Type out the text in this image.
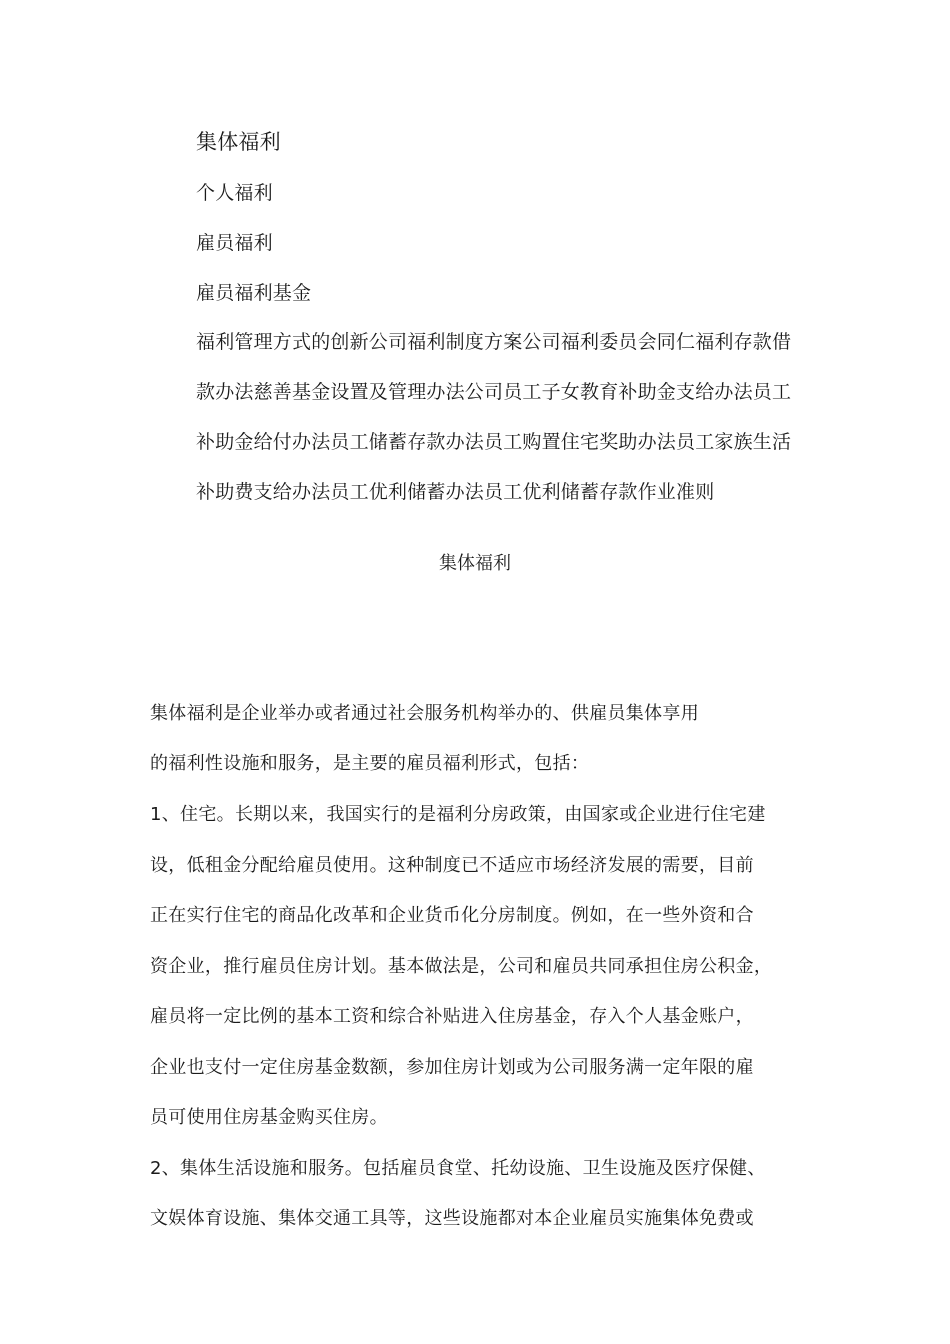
集体福利

个人福利

雇员福利

雇员福利基金

福利管理方式的创新公司福利制度方案公司福利委员会同仁福利存款借

款办法慈善基金设置及管理办法公司员工子女教育补助金支给办法员工

补助金给付办法员工储蓄存款办法员工购置住宅奖助办法员工家族生活

补助费支给办法员工优利储蓄办法员工优利储蓄存款作业准则

集体福利

集体福利是企业举办或者通过社会服务机构举办的、供雇员集体享用

的福利性设施和服务，是主要的雇员福利形式，包括：

1、住宅。长期以来，我国实行的是福利分房政策，由国家或企业进行住宅建

设，低租金分配给雇员使用。这种制度已不适应市场经济发展的需要，目前

正在实行住宅的商品化改革和企业货币化分房制度。例如，在一些外资和合

资企业，推行雇员住房计划。基本做法是，公司和雇员共同承担住房公积金，

雇员将一定比例的基本工资和综合补贴进入住房基金，存入个人基金账户，

企业也支付一定住房基金数额，参加住房计划或为公司服务满一定年限的雇

员可使用住房基金购买住房。

2、集体生活设施和服务。包括雇员食堂、托幼设施、卫生设施及医疗保健、

文娱体育设施、集体交通工具等，这些设施都对本企业雇员实施集体免费或
